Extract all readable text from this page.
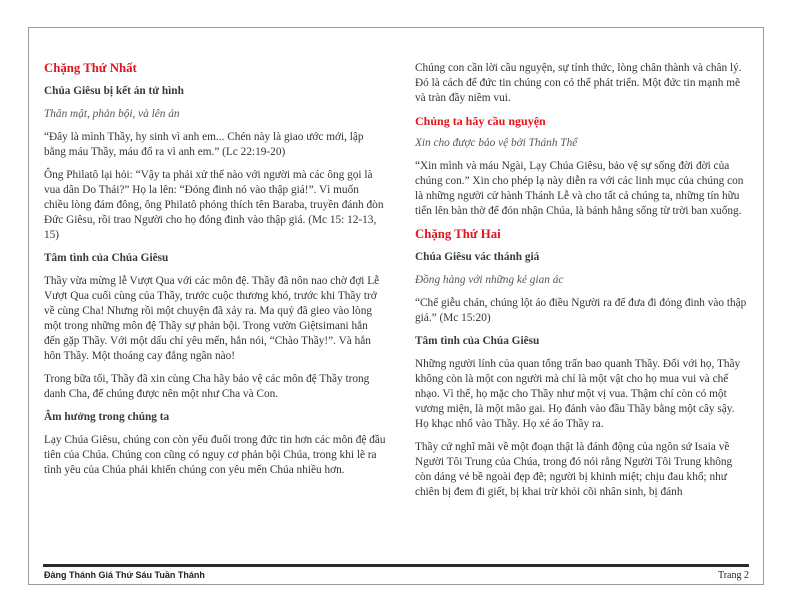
Chặng Thứ Nhất

Chúa Giêsu bị kết án tử hình

Thân mật, phản bội, và lên án

“Đây là mình Thầy, hy sinh vì anh em... Chén này là giao ước mới, lập bằng máu Thầy, máu đổ ra vì anh em.” (Lc 22:19-20)

Ông Philatô lại hỏi: “Vậy ta phải xử thế nào với người mà các ông gọi là vua dân Do Thái?” Họ la lên: “Đóng đinh nó vào thập giá!”. Vì muốn chiều lòng đám đông, ông Philatô phóng thích tên Baraba, truyền đánh đòn Đức Giêsu, rồi trao Người cho họ đóng đinh vào thập giá. (Mc 15: 12-13, 15)

Tâm tình của Chúa Giêsu

Thầy vừa mừng lễ Vượt Qua với các môn đệ. Thầy đã nôn nao chờ đợi Lễ Vượt Qua cuối cùng của Thầy, trước cuộc thương khó, trước khi Thầy trở về cùng Cha! Nhưng rồi một chuyện đã xảy ra. Ma quỷ đã gieo vào lòng một trong những môn đệ Thầy sự phản bội. Trong vườn Giệtsimani hắn đến gặp Thầy. Với một dấu chỉ yêu mến, hắn nói, “Chào Thầy!”. Và hắn hôn Thầy. Một thoáng cay đắng ngần nào!

Trong bữa tối, Thầy đã xin cùng Cha hãy bảo vệ các môn đệ Thầy trong danh Cha, để chúng được nên một như Cha và Con.

Âm hưởng trong chúng ta

Lạy Chúa Giêsu, chúng con còn yếu đuối trong đức tin hơn các môn đệ đầu tiên của Chúa. Chúng con cũng có nguy cơ phản bội Chúa, trong khi lẽ ra tình yêu của Chúa phải khiến chúng con yêu mến Chúa nhiều hơn.

Chúng con cần lời cầu nguyện, sự tỉnh thức, lòng chân thành và chân lý. Đó là cách để đức tin chúng con có thể phát triển. Một đức tin mạnh mẽ và tràn đầy niềm vui.

Chúng ta hãy cầu nguyện

Xin cho được bảo vệ bởi Thánh Thể

“Xin mình và máu Ngài, Lạy Chúa Giêsu, bảo vệ sự sống đời đời của chúng con.” Xin cho phép lạ này diễn ra với các linh mục của chúng con là những người cử hành Thánh Lễ và cho tất cả chúng ta, những tín hữu tiến lên bàn thờ để đón nhận Chúa, là bánh hằng sống từ trời ban xuống.

Chặng Thứ Hai

Chúa Giêsu vác thánh giá

Đồng hàng với những kẻ gian ác

“Chế giễu chán, chúng lột áo điều Người ra để đưa đi đóng đinh vào thập giá.” (Mc 15:20)

Tâm tình của Chúa Giêsu

Những người lính của quan tổng trấn bao quanh Thầy. Đối với họ, Thầy không còn là một con người mà chỉ là một vật cho họ mua vui và chế nhạo. Vì thế, họ mặc cho Thầy như một vị vua. Thậm chí còn có một vương miện, là một mão gai. Họ đánh vào đầu Thầy bằng một cây sậy. Họ khạc nhổ vào Thầy. Họ xé áo Thầy ra.

Thầy cứ nghĩ mãi về một đoạn thật là đánh động của ngôn sứ Isaia về Người Tôi Trung của Chúa, trong đó nói rằng Người Tôi Trung không còn dáng vẻ bề ngoài đẹp đẽ; người bị khinh miệt; chịu đau khổ; như chiên bị đem đi giết, bị khai trừ khỏi cõi nhân sinh, bị đánh

Đàng Thánh Giá Thứ Sáu Tuần Thánh	Trang 2
